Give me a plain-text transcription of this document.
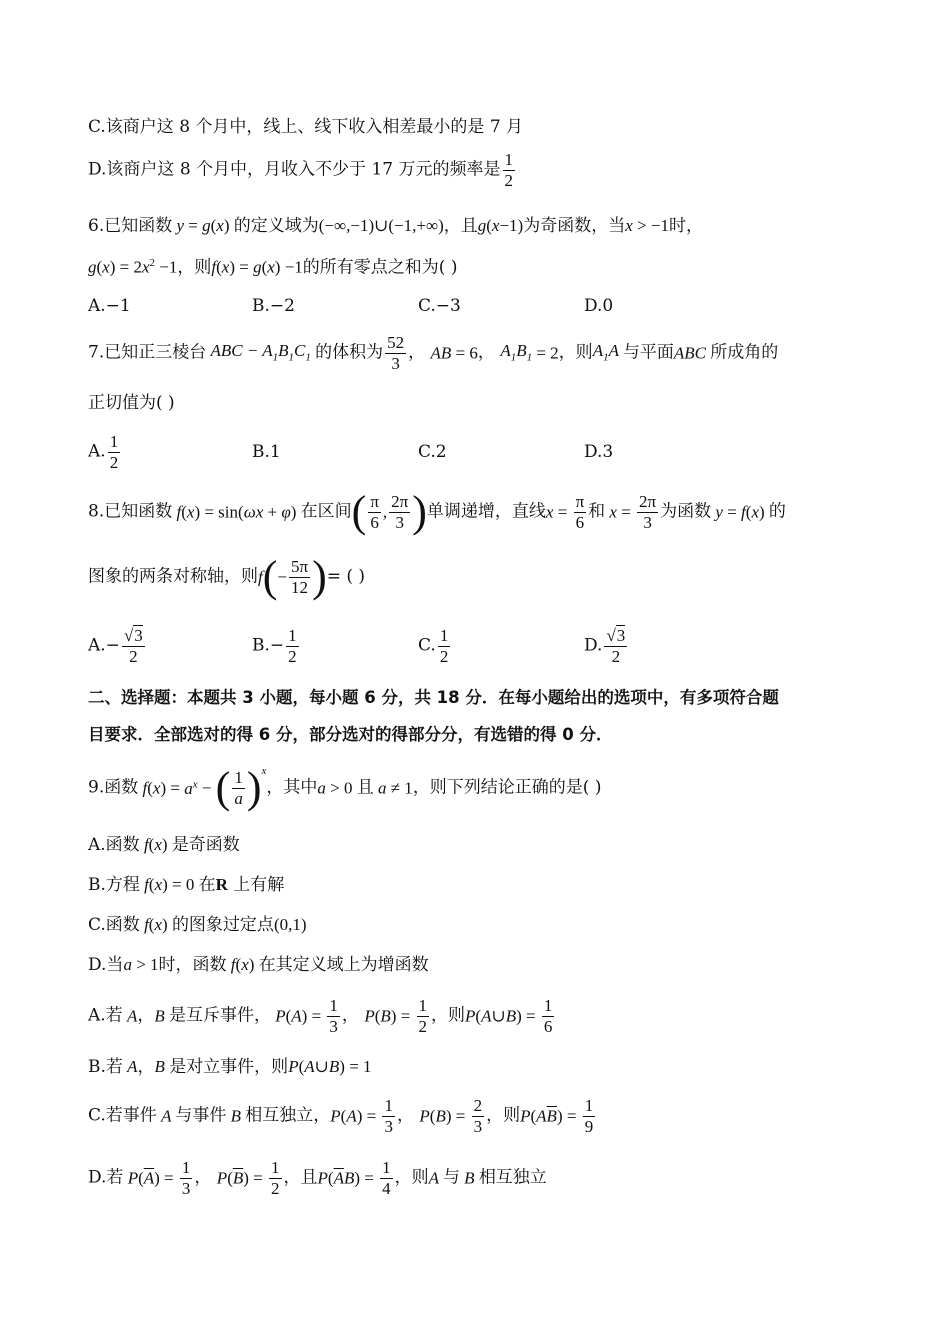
C.该商户这 8 个月中，线上、线下收入相差最小的是 7 月
D.该商户这 8 个月中，月收入不少于 17 万元的频率是 $\frac{1}{2}$
6.已知函数 y = g(x) 的定义域为(−∞,−1)∪(−1,+∞)，且g(x−1)为奇函数，当x > −1时，
$g(x) = 2x^2 -1$，则f(x) = g(x) −1的所有零点之和为( )
A.−1	B.−2	C.−3	D.0
7.已知正三棱台 ABC − $A_1B_1C_1$ 的体积为 $\frac{52}{3}$ ， AB = 6， $A_1B_1 = 2$，则$A_1A$ 与平面ABC 所成角的
正切值为( )
A. $\frac{1}{2}$	B.1	C.2	D.3
8.已知函数 f(x) = sin(ωx + φ) 在区间( $\frac{\pi}{6}$ , $\frac{2\pi}{3}$ )单调递增，直线$x = \frac{\pi}{6}$ 和 $x = \frac{2\pi}{3}$ 为函数 y = f(x) 的
图象的两条对称轴，则$f(- \frac{5\pi}{12}$ )= ( )
$A.- \frac{√3}{2}$	$B.- \frac{1}{2}$	C. $\frac{1}{2}$	D. $\frac{√3}{2}$
二、选择题：本题共 3 小题，每小题 6 分，共 18 分．在每小题给出的选项中，有多项符合题
目要求．全部选对的得 6 分，部分选对的得部分分，有选错的得 0 分．
9.函数 $f(x) = a^x$ − ( $\frac{1}{a} )^x$，其中a > 0 且 a ≠ 1，则下列结论正确的是( )
A.函数 f(x) 是奇函数
B.方程 f(x) = 0 在R 上有解
C.函数 f(x) 的图象过定点(0,1)
D.当a > 1时，函数 f(x) 在其定义域上为增函数
A.若 A，B 是互斥事件， $P(A) = \frac{1}{3}$ ， $P(B) = \frac{1}{2}$ ，则P(A∪B) = $\frac{1}{6}$
B.若 A，B 是对立事件，则P(A∪B) = 1
C.若事件 A 与事件 B 相互独立，$P(A) = \frac{1}{3}$ ， $P(B) = \frac{2}{3}$ ，则$P(A\overline{B}) = \frac{1}{9}$
D.若 $P(\overline{A}) = \frac{1}{3}$ ， $P(\overline{B}) = \frac{1}{2}$ ，且$P(\overline{A}B) = \frac{1}{4}$ ，则A 与 B 相互独立
